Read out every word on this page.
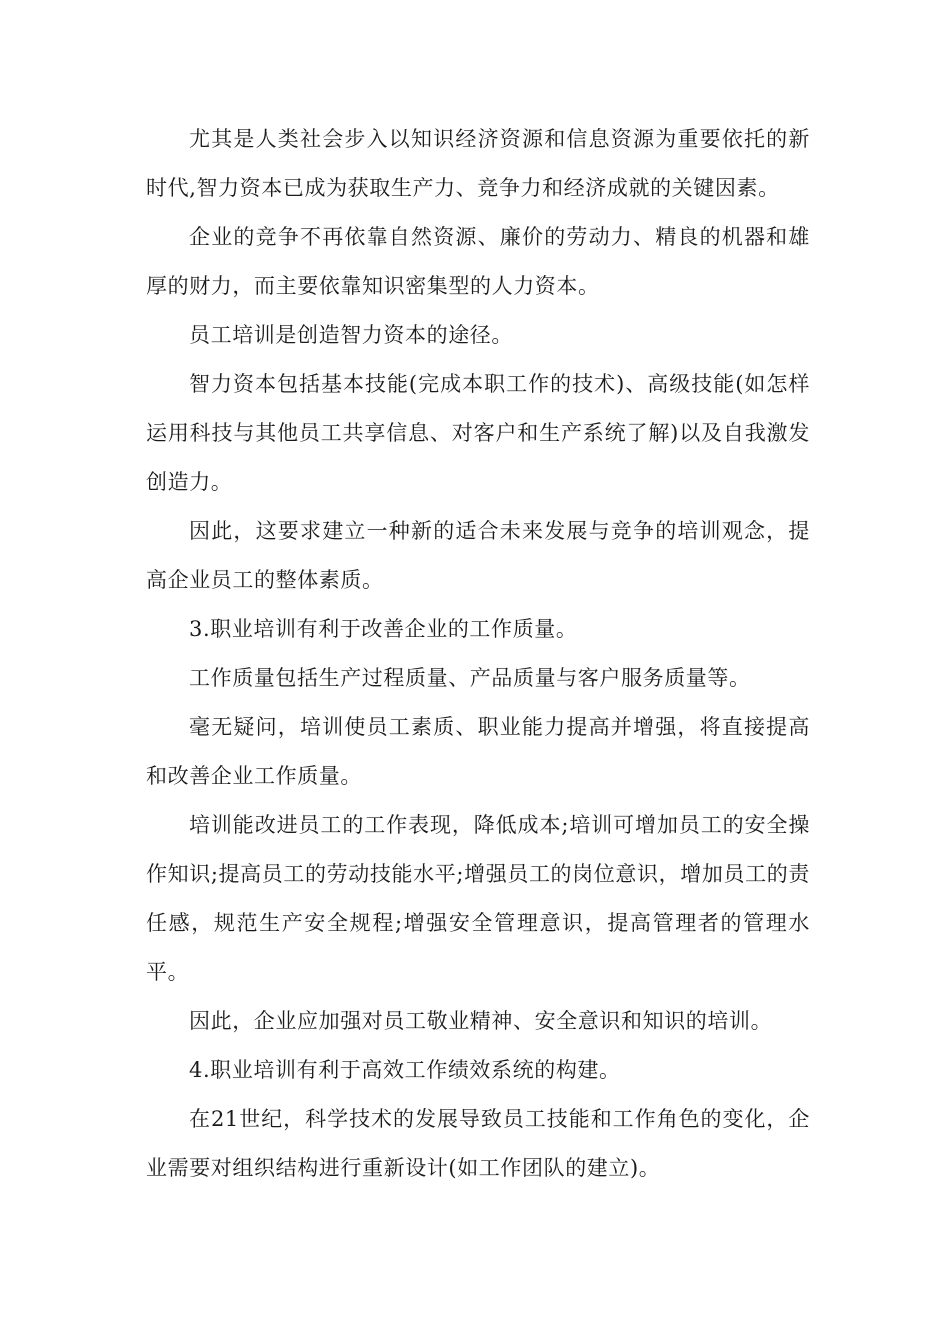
尤其是人类社会步入以知识经济资源和信息资源为重要依托的新时代,智力资本已成为获取生产力、竞争力和经济成就的关键因素。

企业的竞争不再依靠自然资源、廉价的劳动力、精良的机器和雄厚的财力，而主要依靠知识密集型的人力资本。

员工培训是创造智力资本的途径。

智力资本包括基本技能(完成本职工作的技术)、高级技能(如怎样运用科技与其他员工共享信息、对客户和生产系统了解)以及自我激发创造力。

因此，这要求建立一种新的适合未来发展与竞争的培训观念，提高企业员工的整体素质。

3.职业培训有利于改善企业的工作质量。

工作质量包括生产过程质量、产品质量与客户服务质量等。

毫无疑问，培训使员工素质、职业能力提高并增强，将直接提高和改善企业工作质量。

培训能改进员工的工作表现，降低成本;培训可增加员工的安全操作知识;提高员工的劳动技能水平;增强员工的岗位意识，增加员工的责任感，规范生产安全规程;增强安全管理意识，提高管理者的管理水平。

因此，企业应加强对员工敬业精神、安全意识和知识的培训。

4.职业培训有利于高效工作绩效系统的构建。

在21世纪，科学技术的发展导致员工技能和工作角色的变化，企业需要对组织结构进行重新设计(如工作团队的建立)。
